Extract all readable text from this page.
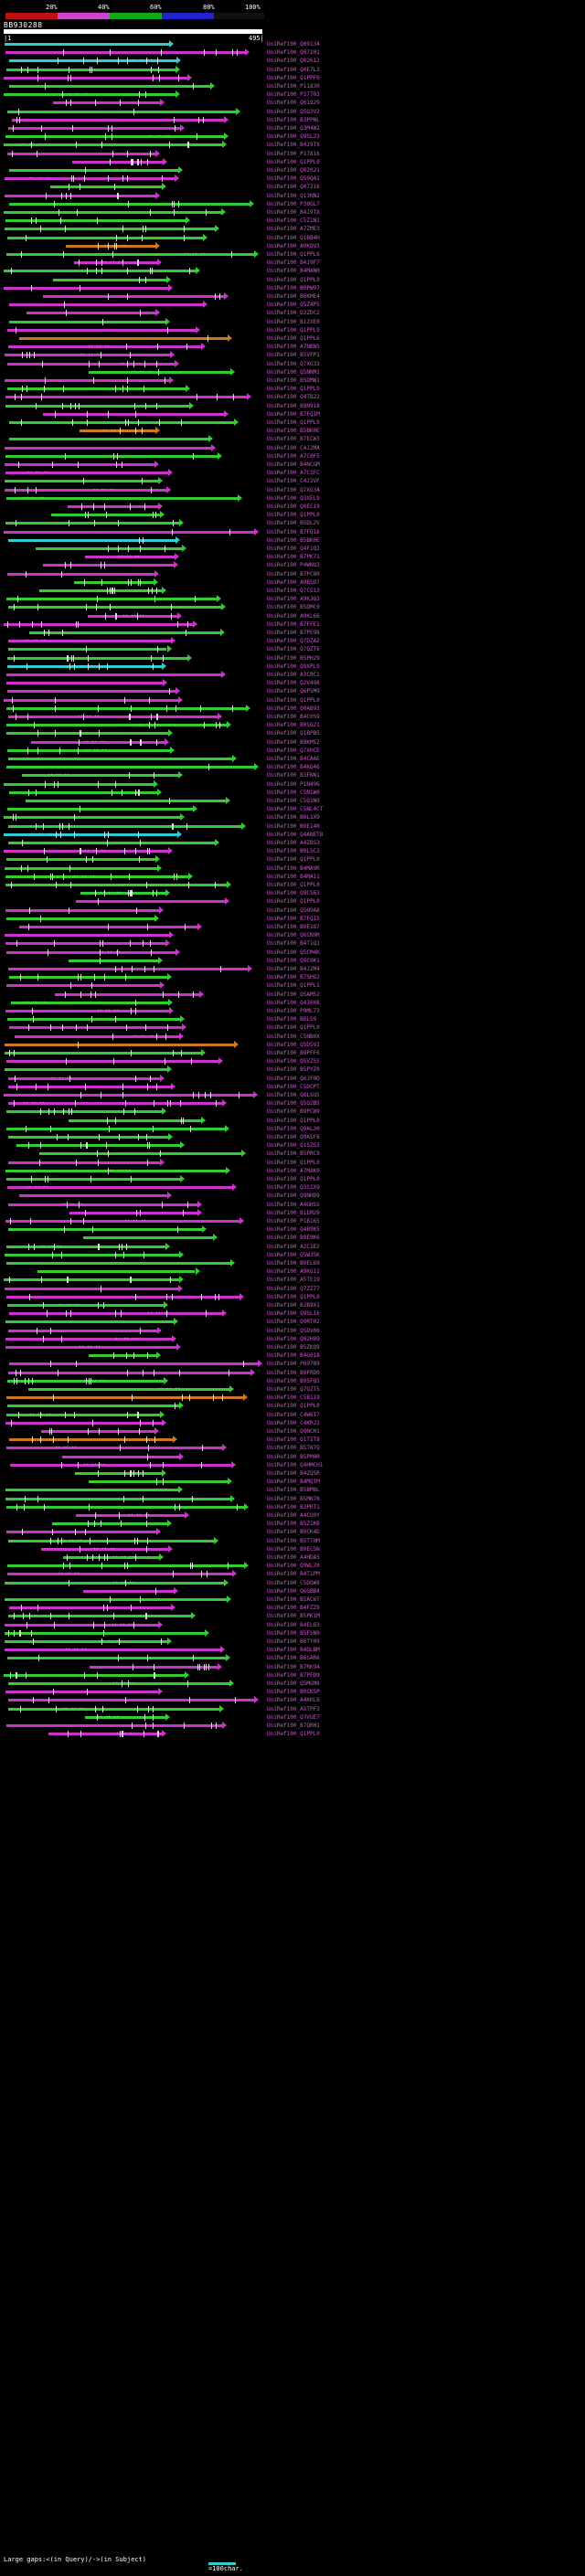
20%	40%	60%	80%	100%
BB930288
|1	495|
·· ·· ··
·· ·· ··
·· ·· ··
·· ·· ··
·· ·· ··
·· ·· ··
·· ·· ··
·· ·· ··
·· ·· ··
·· ·· ··
·· ·· ··
·· ·· ··
·· ·· ··
·· ·· ··
·· ·· ··
·· ·· ··
·· ·· ··
·· ·· ··
·· ·· ··
·· ·· ··
·· ·· ··
·· ·· ··
·· ·· ··
·· ·· ··
·· ·· ··
·· ·· ··
·· ·· ··
·· ·· ··
·· ·· ··
·· ·· ··
·· ·· ··
·· ·· ··
·· ·· ··
·· ·· ··
·· ·· ··
·· ·· ··
·· ·· ··
·· ·· ··
·· ·· ··
·· ·· ··
·· ·· ··
·· ·· ··
·· ·· ··
·· ·· ··
·· ·· ··
·· ·· ··
·· ·· ··
·· ·· ··
·· ·· ··
·· ·· ··
·· ·· ··
·· ·· ··
·· ·· ··
·· ·· ··
·· ·· ··
·· ·· ··
·· ·· ··
·· ·· ··
·· ·· ··
·· ·· ··
·· ·· ··
·· ·· ··
·· ·· ··
UniRef100_Q09134
UniRef100_Q07201
UniRef100_Q02612
UniRef100_Q0E7L3
UniRef100_Q1PPF0
UniRef100_P11830
UniRef100_P37703
UniRef100_Q01929
UniRef100_Q5Q3V2
UniRef100_B3PPNL
UniRef100_Q3M4W2
UniRef100_Q9SL23
UniRef100_B4J9TX
UniRef100_P17816
UniRef100_Q1PPL0
UniRef100_Q02021
UniRef100_Q59QA1
UniRef100_Q07216
UniRef100_Q13NN2
UniRef100_P30GL7
UniRef100_B4J9TX
UniRef100_C5Z1N1
UniRef100_A7ZME3
UniRef100_Q1BB4H
UniRef100_A9KQV3
UniRef100_Q1PPL6
UniRef100_B4J9F7
UniRef100_B4MAN0
UniRef100_Q1PPL9
UniRef100_B9PW97
UniRef100_B6KME4
UniRef100_Q5Z4P5
UniRef100_D2ZDC2
UniRef100_B12XE0
UniRef100_Q1PPL9
UniRef100_Q1PPL6
UniRef100_A7NBN5
UniRef100_B5VFP1
UniRef100_Q7XG33
UniRef100_Q5NNM1
UniRef100_B5DMW1
UniRef100_Q1PPL9
UniRef100_Q4TB22
UniRef100_B9N918
UniRef100_B7FQ1M
UniRef100_Q1PPL9
UniRef100_B5BK0E
UniRef100_B7ECW3
UniRef100_C4J2MA
UniRef100_A7C0F5
UniRef100_B4NCGM
UniRef100_A7C1FC
UniRef100_C4J2VF
UniRef100_Q7XG34
UniRef100_Q3XEL9
UniRef100_Q0EC19
UniRef100_Q1PPL0
UniRef100_B5DL2V
UniRef100_B7FQ16
UniRef100_B5BK0E
UniRef100_Q4F1Q2
UniRef100_B7PK71
UniRef100_P4WNU3
UniRef100_B7PC80
UniRef100_A9B5D7
UniRef100_Q7CG13
UniRef100_A9KJQ3
UniRef100_B5DMC0
UniRef100_A9KL66
UniRef100_B7FFE1
UniRef100_B7PE98
UniRef100_Q7DZA2
UniRef100_Q7QZT6
UniRef100_B5PH29
UniRef100_Q9XPL9
UniRef100_A3CRC1
UniRef100_Q2V498
UniRef100_Q6P5M9
UniRef100_Q1PPL0
UniRef100_Q0AB93
UniRef100_B4C0S9
UniRef100_B0SG21
UniRef100_Q1BPB5
UniRef100_B9KMS2
UniRef100_Q7XHCE
UniRef100_B4CAAE
UniRef100_B4KQ46
UniRef100_B3FNN1
UniRef100_P1N496
UniRef100_C5N1W0
UniRef100_C5Q1N9
UniRef100_C5NL4CT
UniRef100_B0L1X9
UniRef100_B9E140
UniRef100_Q4ANET8
UniRef100_A4ZBS3
UniRef100_B9L5C3
UniRef100_Q1PPL0
UniRef100_B4MA9R
UniRef100_B4MA11
UniRef100_Q1PPL0
UniRef100_Q9CS63
UniRef100_Q1PPL0
UniRef100_Q5N9A8
UniRef100_B7FQ15
UniRef100_B9E187
UniRef100_Q6CN9R
UniRef100_B4T1Q1
UniRef100_Q5CM4K
UniRef100_Q9C9K1
UniRef100_B4J2M4
UniRef100_B7SHG2
UniRef100_Q1PPL1
UniRef100_Q5AM52
UniRef100_Q43608
UniRef100_P9ML73
UniRef100_B8LS9
UniRef100_Q1PPL0
UniRef100_C5NB0X
UniRef100_Q5DSV2
UniRef100_B9PFF6
UniRef100_Q5VZ5S
UniRef100_B5PYZ0
UniRef100_Q6JF0D
UniRef100_C5DCPT
UniRef100_Q8LSU5
UniRef100_Q5Q2B5
UniRef100_B9PCW9
UniRef100_Q1PPL0
UniRef100_Q9AL30
UniRef100_Q9ASF8
UniRef100_Q1SZS3
UniRef100_B5PRC9
UniRef100_Q1PPL0
UniRef100_A7MAK0
UniRef100_Q1PPL0
UniRef100_Q3S1X9
UniRef100_Q9NHD9
UniRef100_A4GHSS
UniRef100_B1EM29
UniRef100_P1B165
UniRef100_Q4B9K5
UniRef100_B9E9K6
UniRef100_A2C1E2
UniRef100_Q5WJ5K
UniRef100_B9EL69
UniRef100_A9KG11
UniRef100_A5TE19
UniRef100_Q7ZZ77
UniRef100_Q1PPL0
UniRef100_B2B9X1
UniRef100_Q9SL16
UniRef100_Q9RT02
UniRef100_Q5DV00
UniRef100_Q02H89
UniRef100_B5ZKQ9
UniRef100_B4G018
UniRef100_P69789
UniRef100_B9FRD0
UniRef100_B9SFQ5
UniRef100_Q7QZT5
UniRef100_C5B119
UniRef100_Q1PPL0
UniRef100_C4W6I7
UniRef100_C4KRJ1
UniRef100_Q9NCH1
UniRef100_Q1T1T8
UniRef100_B5TN7Q
UniRef100_B5PM0R
UniRef100_Q4HMCH1
UniRef100_B4ZQ5R
UniRef100_B4MQTM
UniRef100_B5BM8L
UniRef100_B5MN78
UniRef100_B3PRT1
UniRef100_A4CU0Y
UniRef100_B5Z1KB
UniRef100_B9CK4D
UniRef100_B5TT0M
UniRef100_B9EC5N
UniRef100_A4HDA5
UniRef100_Q9WL39
UniRef100_B4T1PM
UniRef100_C5DQW8
UniRef100_Q6GBB4
UniRef100_B5AC6T
UniRef100_B4FZZ9
UniRef100_B5PK1M
UniRef100_B4EL63
UniRef100_B5FSN9
UniRef100_B6TY09
UniRef100_B4DLBM
UniRef100_B6SAR6
UniRef100_B7RK94
UniRef100_B7PFD9
UniRef100_Q5MGM8
UniRef100_B9CK5P
UniRef100_A4KKL6
UniRef100_A5TPF3
UniRef100_Q7VUE7
UniRef100_B7QRH1
UniRef100_Q1PPL0
Large gaps:<(in Query)/->(in Subject)
=100char.
